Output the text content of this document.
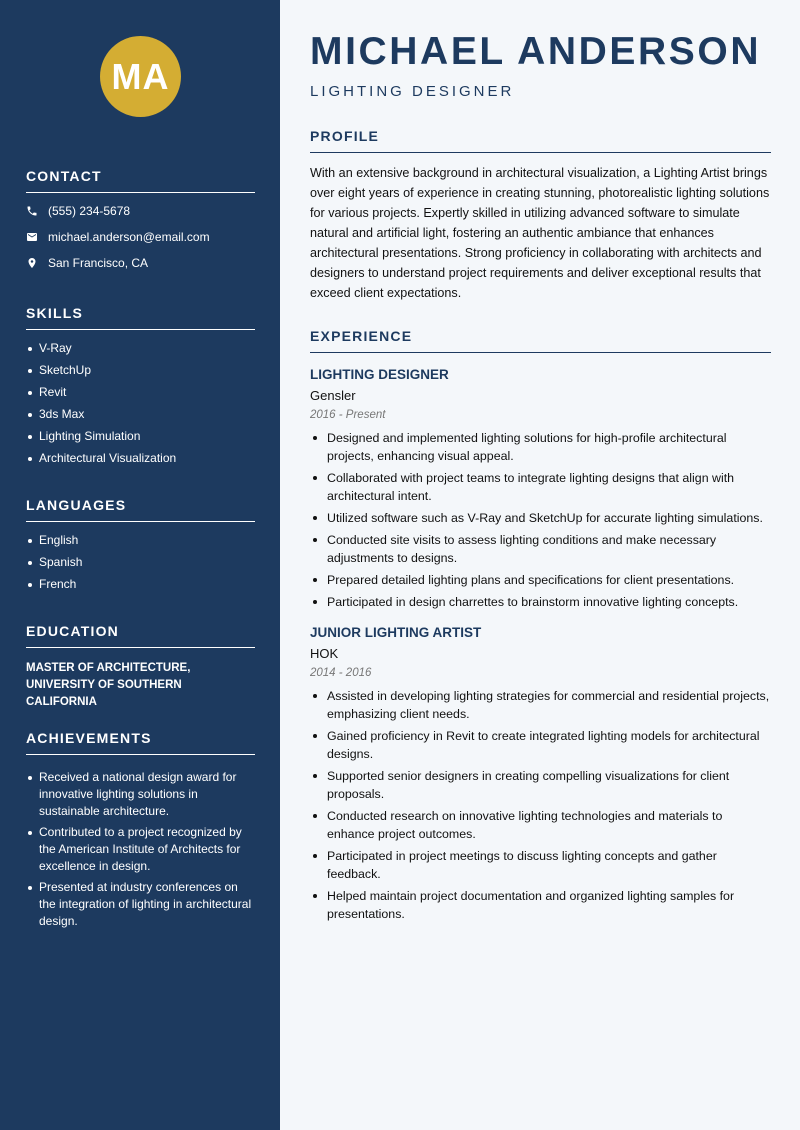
MA
CONTACT
(555) 234-5678
michael.anderson@email.com
San Francisco, CA
SKILLS
V-Ray
SketchUp
Revit
3ds Max
Lighting Simulation
Architectural Visualization
LANGUAGES
English
Spanish
French
EDUCATION
MASTER OF ARCHITECTURE, UNIVERSITY OF SOUTHERN CALIFORNIA
ACHIEVEMENTS
Received a national design award for innovative lighting solutions in sustainable architecture.
Contributed to a project recognized by the American Institute of Architects for excellence in design.
Presented at industry conferences on the integration of lighting in architectural design.
MICHAEL ANDERSON
LIGHTING DESIGNER
PROFILE

With an extensive background in architectural visualization, a Lighting Artist brings over eight years of experience in creating stunning, photorealistic lighting solutions for various projects. Expertly skilled in utilizing advanced software to simulate natural and artificial light, fostering an authentic ambiance that enhances architectural presentations. Strong proficiency in collaborating with architects and designers to understand project requirements and deliver exceptional results that exceed client expectations.

EXPERIENCE
LIGHTING DESIGNER
Gensler
2016 - Present
Designed and implemented lighting solutions for high-profile architectural projects, enhancing visual appeal.
Collaborated with project teams to integrate lighting designs that align with architectural intent.
Utilized software such as V-Ray and SketchUp for accurate lighting simulations.
Conducted site visits to assess lighting conditions and make necessary adjustments to designs.
Prepared detailed lighting plans and specifications for client presentations.
Participated in design charrettes to brainstorm innovative lighting concepts.
JUNIOR LIGHTING ARTIST
HOK
2014 - 2016
Assisted in developing lighting strategies for commercial and residential projects, emphasizing client needs.
Gained proficiency in Revit to create integrated lighting models for architectural designs.
Supported senior designers in creating compelling visualizations for client proposals.
Conducted research on innovative lighting technologies and materials to enhance project outcomes.
Participated in project meetings to discuss lighting concepts and gather feedback.
Helped maintain project documentation and organized lighting samples for presentations.
